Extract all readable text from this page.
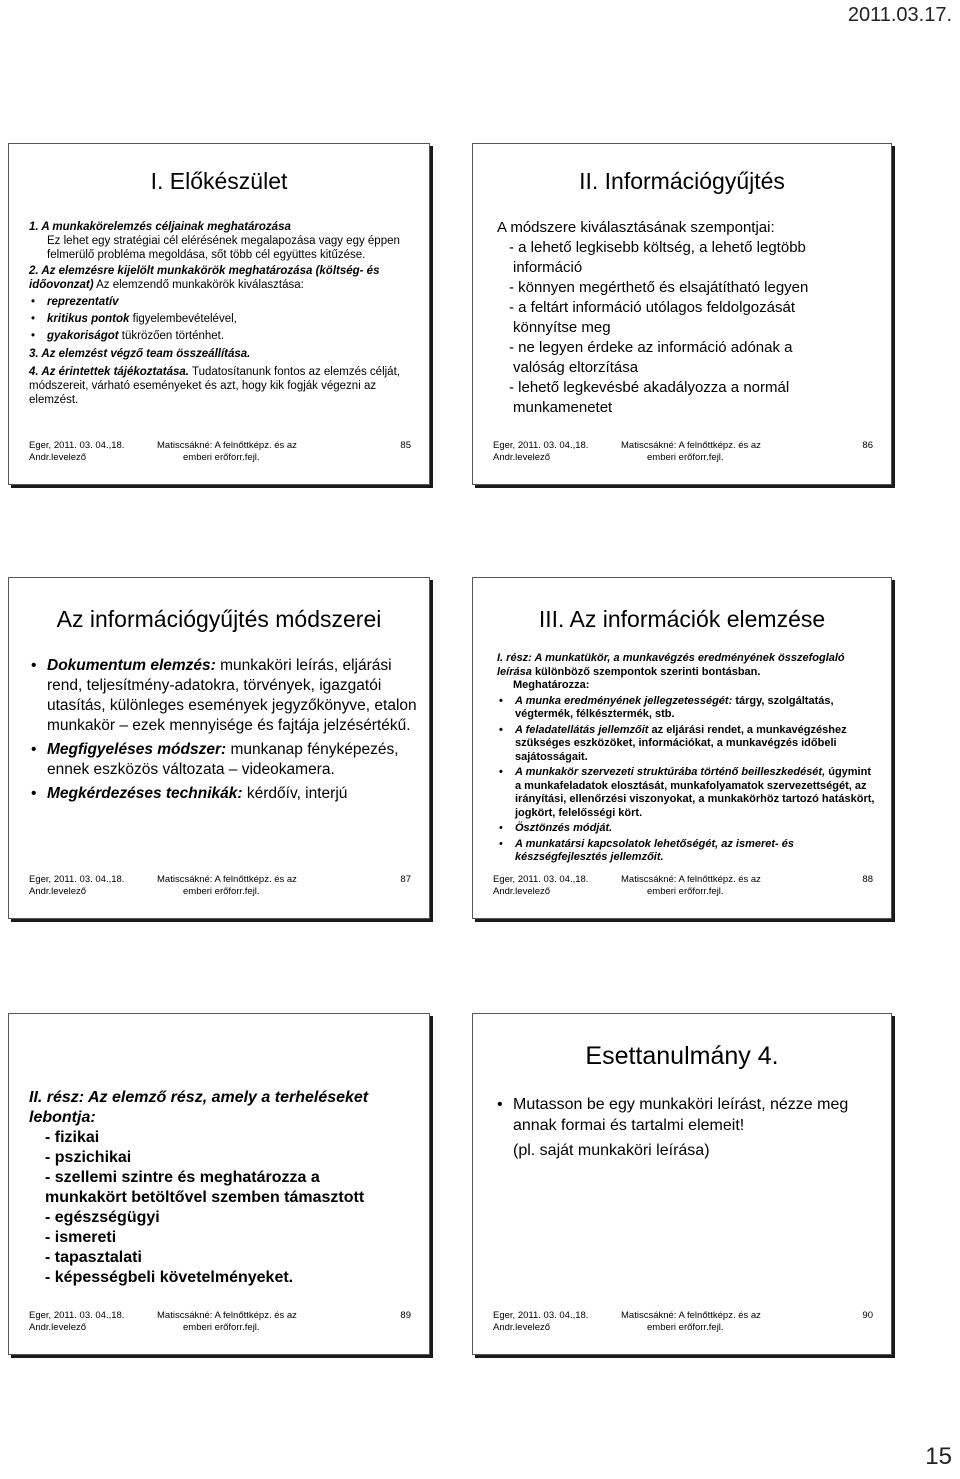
2011.03.17.
I. Előkészület

1. A munkakörelemzés céljainak meghatározása

Ez lehet egy stratégiai cél elérésének megalapozása vagy egy éppen felmerülő probléma megoldása, sőt több cél együttes kitűzése.

2. Az elemzésre kijelölt munkakörök meghatározása (költség- és időovonzat) Az elemzendő munkakörök kiválasztása:

• reprezentatív

• kritikus pontok figyelembevételével,

• gyakoriságot tükrözően történhet.

3. Az elemzést végző team összeállítása.

4. Az érintettek tájékoztatása. Tudatosítanunk fontos az elemzés célját, módszereit, várható eseményeket és azt, hogy kik fogják végezni az elemzést.

Eger, 2011. 03. 04.,18.
Andr.levelező
Matiscsákné: A felnőttképz. és az
emberi erőforr.fejl.
85
II. Információgyűjtés

A módszere kiválasztásának szempontjai:

- a lehető legkisebb költség, a lehető legtöbb

információ

- könnyen megérthető és elsajátítható legyen

- a feltárt információ utólagos feldolgozását

könnyítse meg

- ne legyen érdeke az információ adónak a

valóság eltorzítása

- lehető legkevésbé akadályozza a normál

munkamenetet

Eger, 2011. 03. 04.,18.
Andr.levelező
Matiscsákné: A felnőttképz. és az
emberi erőforr.fejl.
86
Az információgyűjtés módszerei
• Dokumentum elemzés: munkaköri leírás, eljárási rend, teljesítmény-adatokra, törvények, igazgatói utasítás, különleges események jegyzőkönyve, etalon munkakör – ezek mennyisége és fajtája jelzésértékű.
• Megfigyeléses módszer: munkanap fényképezés, ennek eszközös változata – videokamera.
• Megkérdezéses technikák: kérdőív, interjú
Eger, 2011. 03. 04.,18.
Andr.levelező
Matiscsákné: A felnőttképz. és az
emberi erőforr.fejl.
87
III. Az információk elemzése

I. rész: A munkatükör, a munkavégzés eredményének összefoglaló leírása különböző szempontok szerinti bontásban.

Meghatározza:

• A munka eredményének jellegzetességét: tárgy, szolgáltatás, végtermék, félkésztermék, stb.

• A feladatellátás jellemzőit az eljárási rendet, a munkavégzéshez szükséges eszközöket, információkat, a munkavégzés időbeli sajátosságait.

• A munkakör szervezeti struktúrába történő beilleszkedését, úgymint a munkafeladatok elosztását, munkafolyamatok szervezettségét, az irányítási, ellenőrzési viszonyokat, a munkakörhöz tartozó hatáskört, jogkört, felelősségi kört.

• Ösztönzés módját.

• A munkatársi kapcsolatok lehetőségét, az ismeret- és készségfejlesztés jellemzőit.

Eger, 2011. 03. 04.,18.
Andr.levelező
Matiscsákné: A felnőttképz. és az
emberi erőforr.fejl.
88

II. rész: Az elemző rész, amely a terheléseket lebontja:

- fizikai

- pszichikai

- szellemi szintre és meghatározza a munkakört betöltővel szemben támasztott

- egészségügyi

- ismereti

- tapasztalati

- képességbeli követelményeket.

Eger, 2011. 03. 04.,18.
Andr.levelező
Matiscsákné: A felnőttképz. és az
emberi erőforr.fejl.
89
Esettanulmány 4.
• Mutasson be egy munkaköri leírást, nézze meg annak formai és tartalmi elemeit!
(pl. saját munkaköri leírása)
Eger, 2011. 03. 04.,18.
Andr.levelező
Matiscsákné: A felnőttképz. és az
emberi erőforr.fejl.
90
15
